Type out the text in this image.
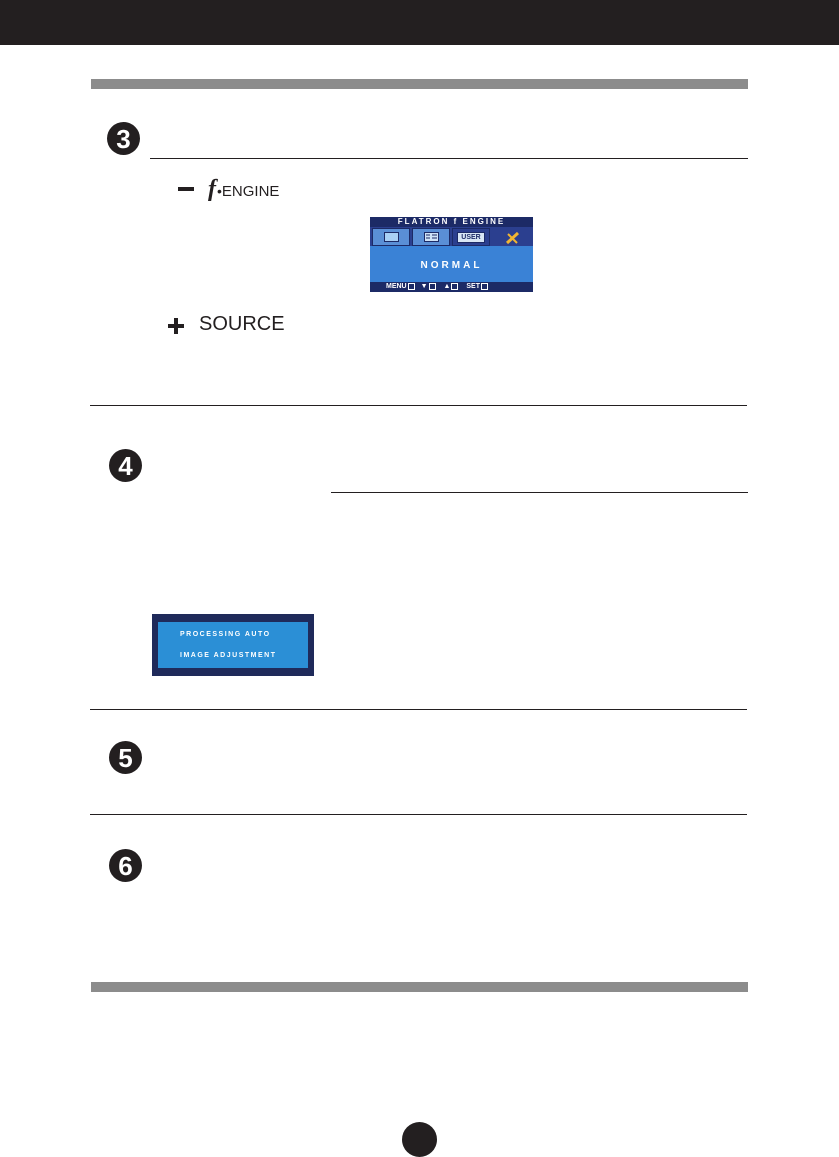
3
f • ENGINE
FLATRON f ENGINE
USER
NORMAL
MENU ▼ ▲ SET
SOURCE
4
PROCESSING AUTO
IMAGE ADJUSTMENT
5
6
